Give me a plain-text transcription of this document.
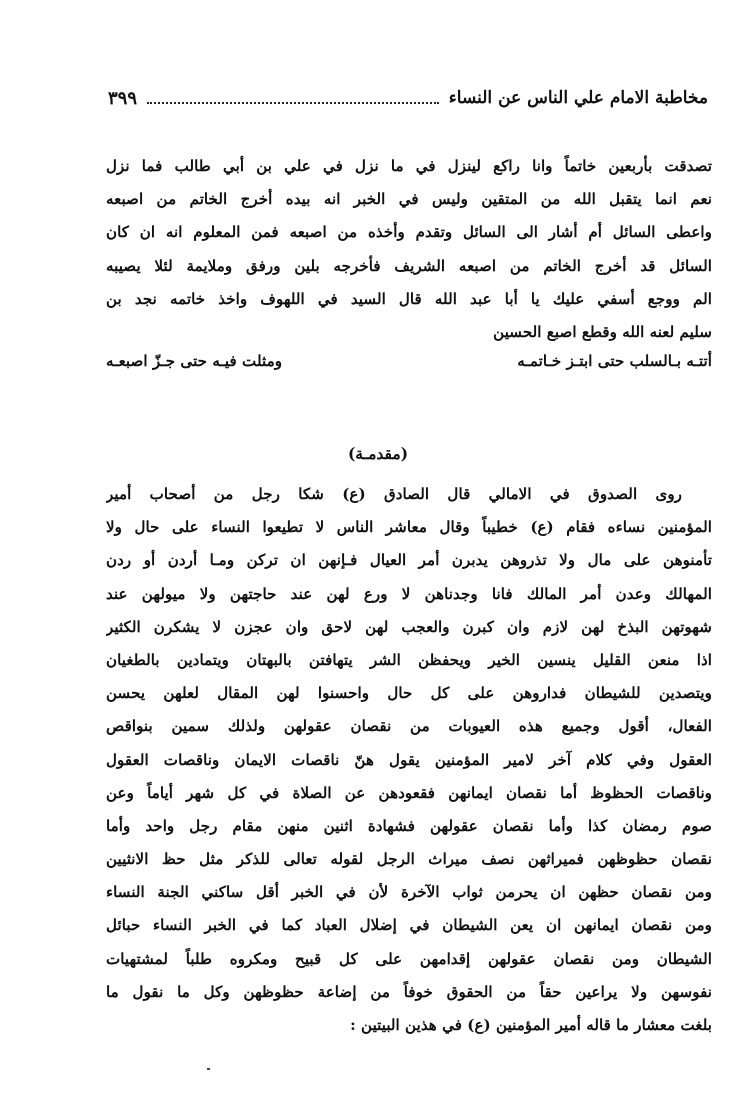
مخاطبة الامام علي الناس عن النساء
٣٩٩
تصدقت بأربعين خاتماً وانا راكع لينزل في ما نزل في علي بن أبي طالب فما نزل
نعم انما يتقبل الله من المتقين وليس في الخبر انه بيده أخرج الخاتم من اصبعه
واعطى السائل أم أشار الى السائل وتقدم وأخذه من اصبعه فمن المعلوم انه ان كان
السائل قد أخرج الخاتم من اصبعه الشريف فأخرجه بلين ورفق وملايمة لئلا يصيبه
الم ووجع أسفي عليك يا أبا عبد الله قال السيد في اللهوف واخذ خاتمه نجد بن
سليم لعنه الله وقطع اصبع الحسين
أتتـه بـالسلب حتى ابتـز خـاتمـه
ومثلت فيـه حتى جـزّ اصبعـه
(مقدمـة)
روى الصدوق في الامالي قال الصادق (ع) شكا رجل من أصحاب أمير
المؤمنين نساءه فقام (ع) خطيباً وقال معاشر الناس لا تطيعوا النساء على حال ولا
تأمنوهن على مال ولا تذروهن يدبرن أمر العيال فـإنهن ان تركن ومـا أردن أو ردن
المهالك وعدن أمر المالك فانا وجدناهن لا ورع لهن عند حاجتهن ولا ميولهن عند
شهوتهن البذخ لهن لازم وان كبرن والعجب لهن لاحق وان عجزن لا يشكرن الكثير
اذا منعن القليل ينسين الخير ويحفظن الشر يتهافتن بالبهتان ويتمادين بالطغيان
ويتصدين للشيطان فداروهن على كل حال واحسنوا لهن المقال لعلهن يحسن
الفعال، أقول وجميع هذه العيوبات من نقصان عقولهن ولذلك سمين بنواقص
العقول وفي كلام آخر لامير المؤمنين يقول هنّ ناقصات الايمان وناقصات العقول
وناقصات الحظوظ أما نقصان ايمانهن فقعودهن عن الصلاة في كل شهر أياماً وعن
صوم رمضان كذا وأما نقصان عقولهن فشهادة اثنين منهن مقام رجل واحد وأما
نقصان حظوظهن فميراثهن نصف ميراث الرجل لقوله تعالى للذكر مثل حظ الانثيين
ومن نقصان حظهن ان يحرمن ثواب الآخرة لأن في الخبر أقل ساكني الجنة النساء
ومن نقصان ايمانهن ان يعن الشيطان في إضلال العباد كما في الخبر النساء حبائل
الشيطان ومن نقصان عقولهن إقدامهن على كل قبيح ومكروه طلباً لمشتهيات
نفوسهن ولا يراعين حقاً من الحقوق خوفاً من إضاعة حظوظهن وكل ما نقول ما
بلغت معشار ما قاله أمير المؤمنين (ع) في هذين البيتين :
